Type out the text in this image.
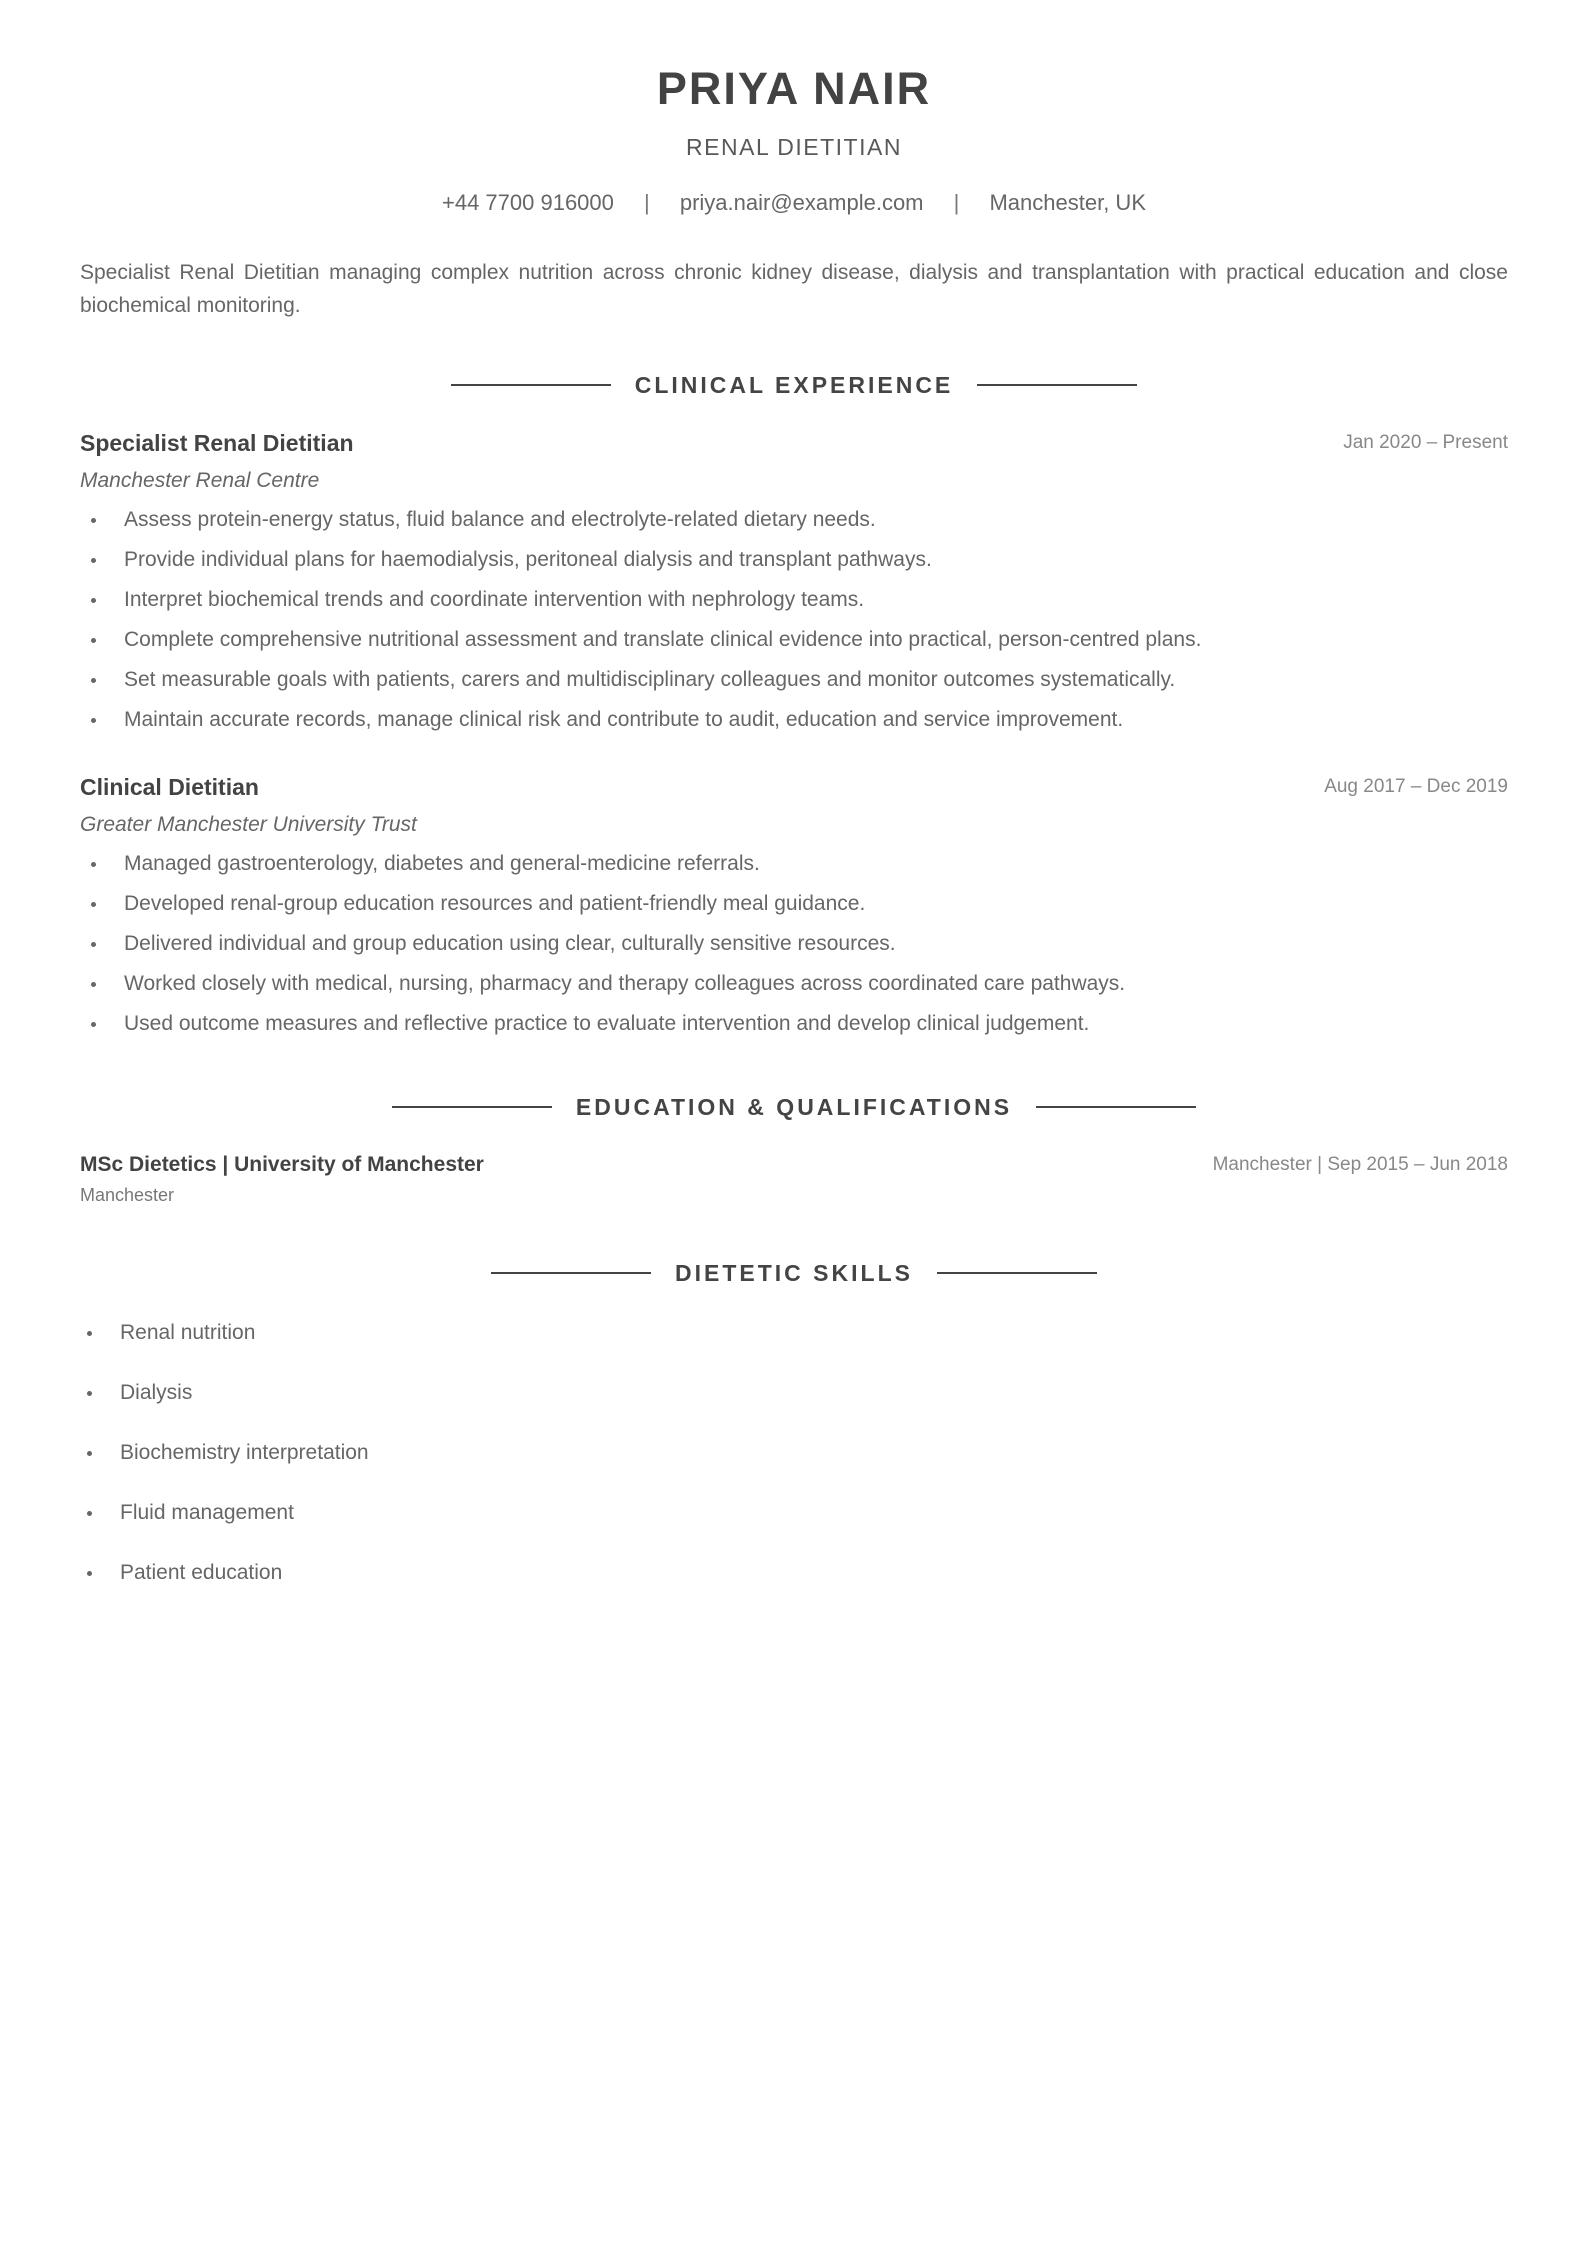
PRIYA NAIR
RENAL DIETITIAN
+44 7700 916000 | priya.nair@example.com | Manchester, UK
Specialist Renal Dietitian managing complex nutrition across chronic kidney disease, dialysis and transplantation with practical education and close biochemical monitoring.
CLINICAL EXPERIENCE
Specialist Renal Dietitian	Jan 2020 – Present
Manchester Renal Centre
Assess protein-energy status, fluid balance and electrolyte-related dietary needs.
Provide individual plans for haemodialysis, peritoneal dialysis and transplant pathways.
Interpret biochemical trends and coordinate intervention with nephrology teams.
Complete comprehensive nutritional assessment and translate clinical evidence into practical, person-centred plans.
Set measurable goals with patients, carers and multidisciplinary colleagues and monitor outcomes systematically.
Maintain accurate records, manage clinical risk and contribute to audit, education and service improvement.
Clinical Dietitian	Aug 2017 – Dec 2019
Greater Manchester University Trust
Managed gastroenterology, diabetes and general-medicine referrals.
Developed renal-group education resources and patient-friendly meal guidance.
Delivered individual and group education using clear, culturally sensitive resources.
Worked closely with medical, nursing, pharmacy and therapy colleagues across coordinated care pathways.
Used outcome measures and reflective practice to evaluate intervention and develop clinical judgement.
EDUCATION & QUALIFICATIONS
MSc Dietetics | University of Manchester	Manchester | Sep 2015 – Jun 2018
Manchester
DIETETIC SKILLS
Renal nutrition
Dialysis
Biochemistry interpretation
Fluid management
Patient education
